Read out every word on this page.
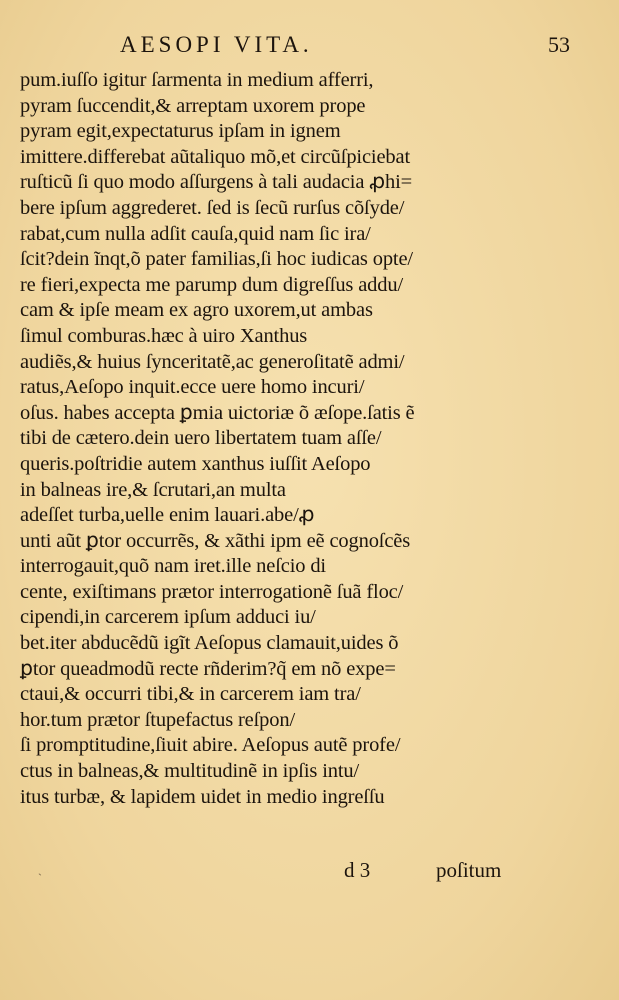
AESOPI VITA.	53
pum.iuſſo igitur ſarmenta in medium afferri,
pyram ſuccendit,& arreptam uxorem prope
pyram egit,expectaturus ipſam in ignem
imittere.differebat aũtaliquo mõ,et circũſpiciebat
ruſticũ ſi quo modo aſſurgens à tali audacia ꝓhi=
bere ipſum aggrederet. ſed is ſecũ rurſus cõſyde/
rabat,cum nulla adſit cauſa,quid nam ſic ira/
ſcit?dein ĩnqt,õ pater familias,ſi hoc iudicas opte/
re fieri,expecta me parump dum digreſſus addu/
cam & ipſe meam ex agro uxorem,ut ambas
ſimul comburas.hæc à uiro Xanthus
audiẽs,& huius ſynceritatẽ,ac generoſitatẽ admi/
ratus,Aeſopo inquit.ecce uere homo incuri/
oſus. habes accepta ꝑmia uictoriæ õ æſope.ſatis ẽ
tibi de cætero.dein uero libertatem tuam aſſe/
queris.poſtridie autem xanthus iuſſit Aeſopo
in balneas ire,& ſcrutari,an multa
adeſſet turba,uelle enim lauari.abe/ꝓ
unti aũt ꝑtor occurrẽs, & xãthi ipm eẽ cognoſcẽs
interrogauit,quõ nam iret.ille neſcio di
cente, exiſtimans prætor interrogationẽ ſuã floc/
cipendi,in carcerem ipſum adduci iu/
bet.iter abducẽdũ igĩt Aeſopus clamauit,uides õ
ꝑtor queadmodũ recte rñderim?q̃ em nõ expe=
ctaui,& occurri tibi,& in carcerem iam tra/
hor.tum prætor ſtupefactus reſpon/
ſi promptitudine,ſiuit abire. Aeſopus autẽ profe/
ctus in balneas,& multitudinẽ in ipſis intu/
itus turbæ, & lapidem uidet in medio ingreſſu
ˏ	d 3	poſitum
